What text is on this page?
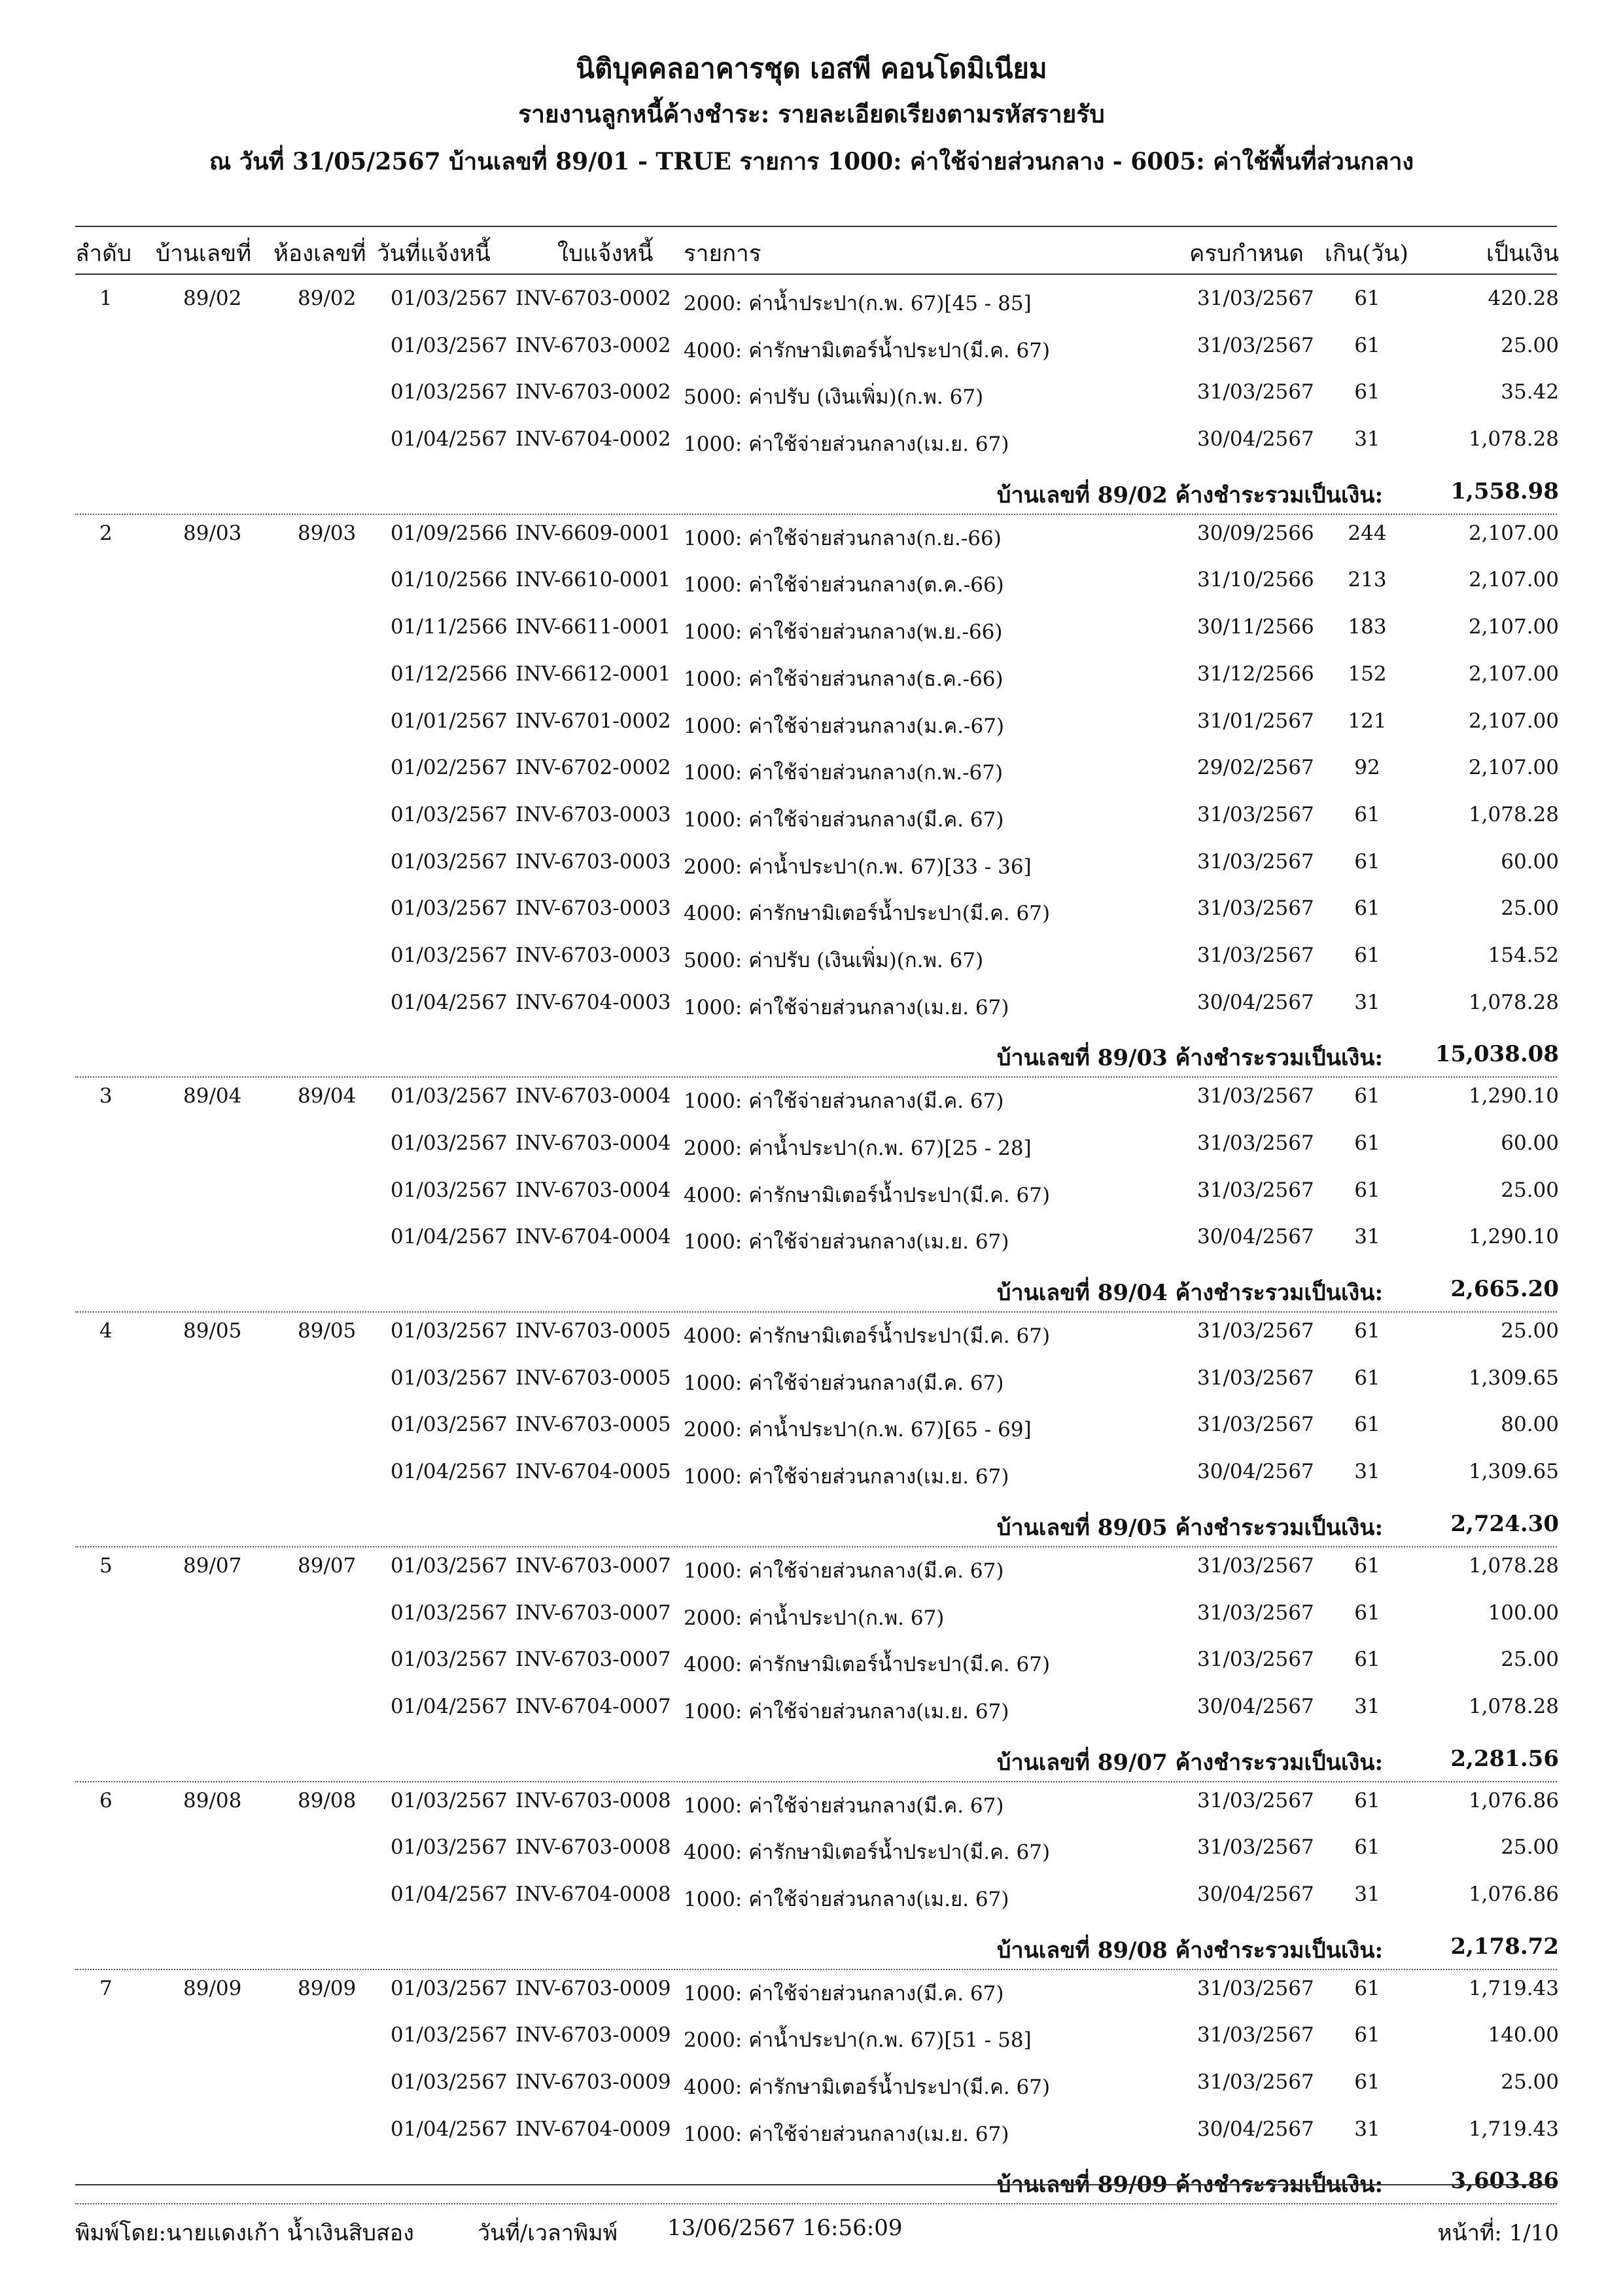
นิติบุคคลอาคารชุด เอสพี คอนโดมิเนียม
รายงานลูกหนี้ค้างชำระ: รายละเอียดเรียงตามรหัสรายรับ
ณ วันที่ 31/05/2567 บ้านเลขที่ 89/01 - TRUE รายการ 1000: ค่าใช้จ่ายส่วนกลาง - 6005: ค่าใช้พื้นที่ส่วนกลาง
ลำดับ บ้านเลขที่ ห้องเลขที่ วันที่แจ้งหนี้	ใบแจ้งหนี้ รายการ	ครบกำหนด เกิน(วัน)	เป็นเงิน
1	89/02	89/02 01/03/2567 INV-6703-0002 2000: ค่าน้ำประปา(ก.พ. 67)[45 - 85]	31/03/2567	61	420.28
01/03/2567 INV-6703-0002 4000: ค่ารักษามิเตอร์น้ำประปา(มี.ค. 67)	31/03/2567	61	25.00
01/03/2567 INV-6703-0002 5000: ค่าปรับ (เงินเพิ่ม)(ก.พ. 67)	31/03/2567	61	35.42
01/04/2567 INV-6704-0002 1000: ค่าใช้จ่ายส่วนกลาง(เม.ย. 67)	30/04/2567	31	1,078.28
บ้านเลขที่ 89/02 ค้างชำระรวมเป็นเงิน:	1,558.98
2	89/03	89/03 01/09/2566 INV-6609-0001 1000: ค่าใช้จ่ายส่วนกลาง(ก.ย.-66)	30/09/2566	244	2,107.00
01/10/2566 INV-6610-0001 1000: ค่าใช้จ่ายส่วนกลาง(ต.ค.-66)	31/10/2566	213	2,107.00
01/11/2566 INV-6611-0001 1000: ค่าใช้จ่ายส่วนกลาง(พ.ย.-66)	30/11/2566	183	2,107.00
01/12/2566 INV-6612-0001 1000: ค่าใช้จ่ายส่วนกลาง(ธ.ค.-66)	31/12/2566	152	2,107.00
01/01/2567 INV-6701-0002 1000: ค่าใช้จ่ายส่วนกลาง(ม.ค.-67)	31/01/2567	121	2,107.00
01/02/2567 INV-6702-0002 1000: ค่าใช้จ่ายส่วนกลาง(ก.พ.-67)	29/02/2567	92	2,107.00
01/03/2567 INV-6703-0003 1000: ค่าใช้จ่ายส่วนกลาง(มี.ค. 67)	31/03/2567	61	1,078.28
01/03/2567 INV-6703-0003 2000: ค่าน้ำประปา(ก.พ. 67)[33 - 36]	31/03/2567	61	60.00
01/03/2567 INV-6703-0003 4000: ค่ารักษามิเตอร์น้ำประปา(มี.ค. 67)	31/03/2567	61	25.00
01/03/2567 INV-6703-0003 5000: ค่าปรับ (เงินเพิ่ม)(ก.พ. 67)	31/03/2567	61	154.52
01/04/2567 INV-6704-0003 1000: ค่าใช้จ่ายส่วนกลาง(เม.ย. 67)	30/04/2567	31	1,078.28
บ้านเลขที่ 89/03 ค้างชำระรวมเป็นเงิน: 15,038.08
3	89/04	89/04 01/03/2567 INV-6703-0004 1000: ค่าใช้จ่ายส่วนกลาง(มี.ค. 67)	31/03/2567	61	1,290.10
01/03/2567 INV-6703-0004 2000: ค่าน้ำประปา(ก.พ. 67)[25 - 28]	31/03/2567	61	60.00
01/03/2567 INV-6703-0004 4000: ค่ารักษามิเตอร์น้ำประปา(มี.ค. 67)	31/03/2567	61	25.00
01/04/2567 INV-6704-0004 1000: ค่าใช้จ่ายส่วนกลาง(เม.ย. 67)	30/04/2567	31	1,290.10
บ้านเลขที่ 89/04 ค้างชำระรวมเป็นเงิน:	2,665.20
4	89/05	89/05 01/03/2567 INV-6703-0005 4000: ค่ารักษามิเตอร์น้ำประปา(มี.ค. 67)	31/03/2567	61	25.00
01/03/2567 INV-6703-0005 1000: ค่าใช้จ่ายส่วนกลาง(มี.ค. 67)	31/03/2567	61	1,309.65
01/03/2567 INV-6703-0005 2000: ค่าน้ำประปา(ก.พ. 67)[65 - 69]	31/03/2567	61	80.00
01/04/2567 INV-6704-0005 1000: ค่าใช้จ่ายส่วนกลาง(เม.ย. 67)	30/04/2567	31	1,309.65
บ้านเลขที่ 89/05 ค้างชำระรวมเป็นเงิน:	2,724.30
5	89/07	89/07 01/03/2567 INV-6703-0007 1000: ค่าใช้จ่ายส่วนกลาง(มี.ค. 67)	31/03/2567	61	1,078.28
01/03/2567 INV-6703-0007 2000: ค่าน้ำประปา(ก.พ. 67)	31/03/2567	61	100.00
01/03/2567 INV-6703-0007 4000: ค่ารักษามิเตอร์น้ำประปา(มี.ค. 67)	31/03/2567	61	25.00
01/04/2567 INV-6704-0007 1000: ค่าใช้จ่ายส่วนกลาง(เม.ย. 67)	30/04/2567	31	1,078.28
บ้านเลขที่ 89/07 ค้างชำระรวมเป็นเงิน:	2,281.56
6	89/08	89/08 01/03/2567 INV-6703-0008 1000: ค่าใช้จ่ายส่วนกลาง(มี.ค. 67)	31/03/2567	61	1,076.86
01/03/2567 INV-6703-0008 4000: ค่ารักษามิเตอร์น้ำประปา(มี.ค. 67)	31/03/2567	61	25.00
01/04/2567 INV-6704-0008 1000: ค่าใช้จ่ายส่วนกลาง(เม.ย. 67)	30/04/2567	31	1,076.86
บ้านเลขที่ 89/08 ค้างชำระรวมเป็นเงิน:	2,178.72
7	89/09	89/09 01/03/2567 INV-6703-0009 1000: ค่าใช้จ่ายส่วนกลาง(มี.ค. 67)	31/03/2567	61	1,719.43
01/03/2567 INV-6703-0009 2000: ค่าน้ำประปา(ก.พ. 67)[51 - 58]	31/03/2567	61	140.00
01/03/2567 INV-6703-0009 4000: ค่ารักษามิเตอร์น้ำประปา(มี.ค. 67)	31/03/2567	61	25.00
01/04/2567 INV-6704-0009 1000: ค่าใช้จ่ายส่วนกลาง(เม.ย. 67)	30/04/2567	31	1,719.43
บ้านเลขที่ 89/09 ค้างชำระรวมเป็นเงิน:	3,603.86
พิมพ์โดย:นายแดงเก้า น้ำเงินสิบสอง	วันที่/เวลาพิมพ์ 13/06/2567 16:56:09	หน้าที่: 1/10
